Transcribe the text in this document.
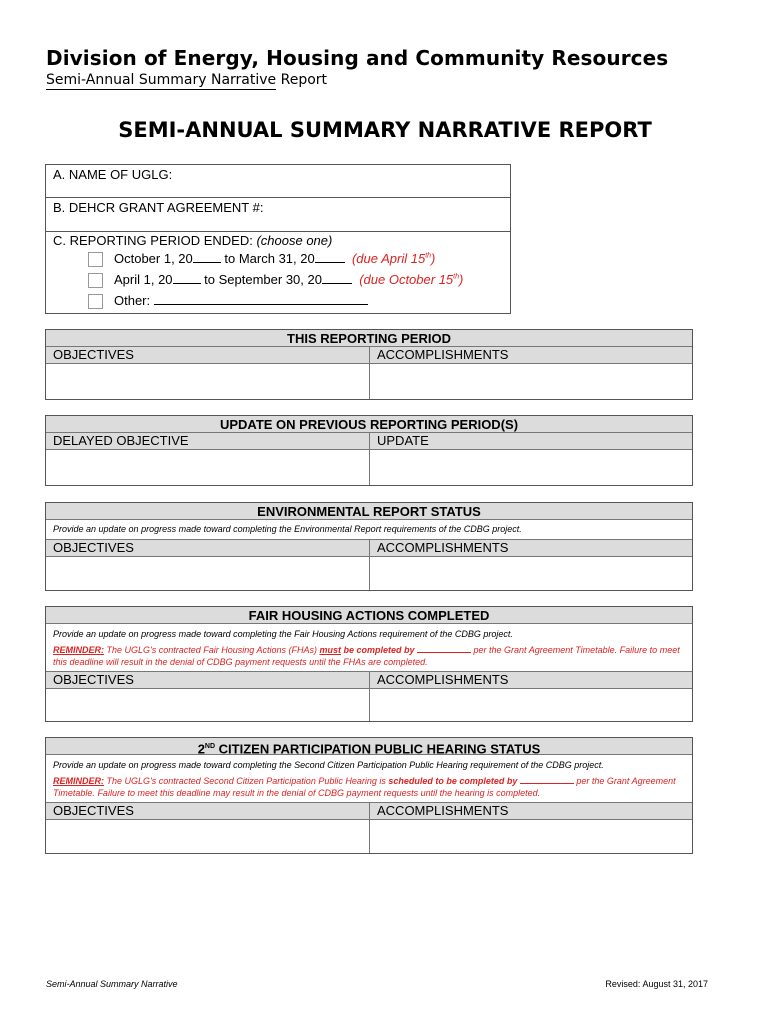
Division of Energy, Housing and Community Resources
Semi-Annual Summary Narrative Report
SEMI-ANNUAL SUMMARY NARRATIVE REPORT
A. NAME OF UGLG:
B. DEHCR GRANT AGREEMENT #:
C. REPORTING PERIOD ENDED: (choose one)
October 1, 20 to March 31, 20	(due April 15th)
April 1, 20 to September 30, 20	(due October 15th)
Other:
THIS REPORTING PERIOD
OBJECTIVES	ACCOMPLISHMENTS
UPDATE ON PREVIOUS REPORTING PERIOD(S)
DELAYED OBJECTIVE	UPDATE
ENVIRONMENTAL REPORT STATUS
Provide an update on progress made toward completing the Environmental Report requirements of the CDBG project.
OBJECTIVES	ACCOMPLISHMENTS
FAIR HOUSING ACTIONS COMPLETED
Provide an update on progress made toward completing the Fair Housing Actions requirement of the CDBG project.
REMINDER: The UGLG's contracted Fair Housing Actions (FHAs) must be completed by	per the Grant Agreement Timetable. Failure to meet this deadline will result in the denial of CDBG payment requests until the FHAs are completed.
OBJECTIVES	ACCOMPLISHMENTS
2ND CITIZEN PARTICIPATION PUBLIC HEARING STATUS
Provide an update on progress made toward completing the Second Citizen Participation Public Hearing requirement of the CDBG project.
REMINDER: The UGLG's contracted Second Citizen Participation Public Hearing is scheduled to be completed by	per the Grant Agreement Timetable. Failure to meet this deadline may result in the denial of CDBG payment requests until the hearing is completed.
OBJECTIVES	ACCOMPLISHMENTS
Semi-Annual Summary Narrative	Revised: August 31, 2017
